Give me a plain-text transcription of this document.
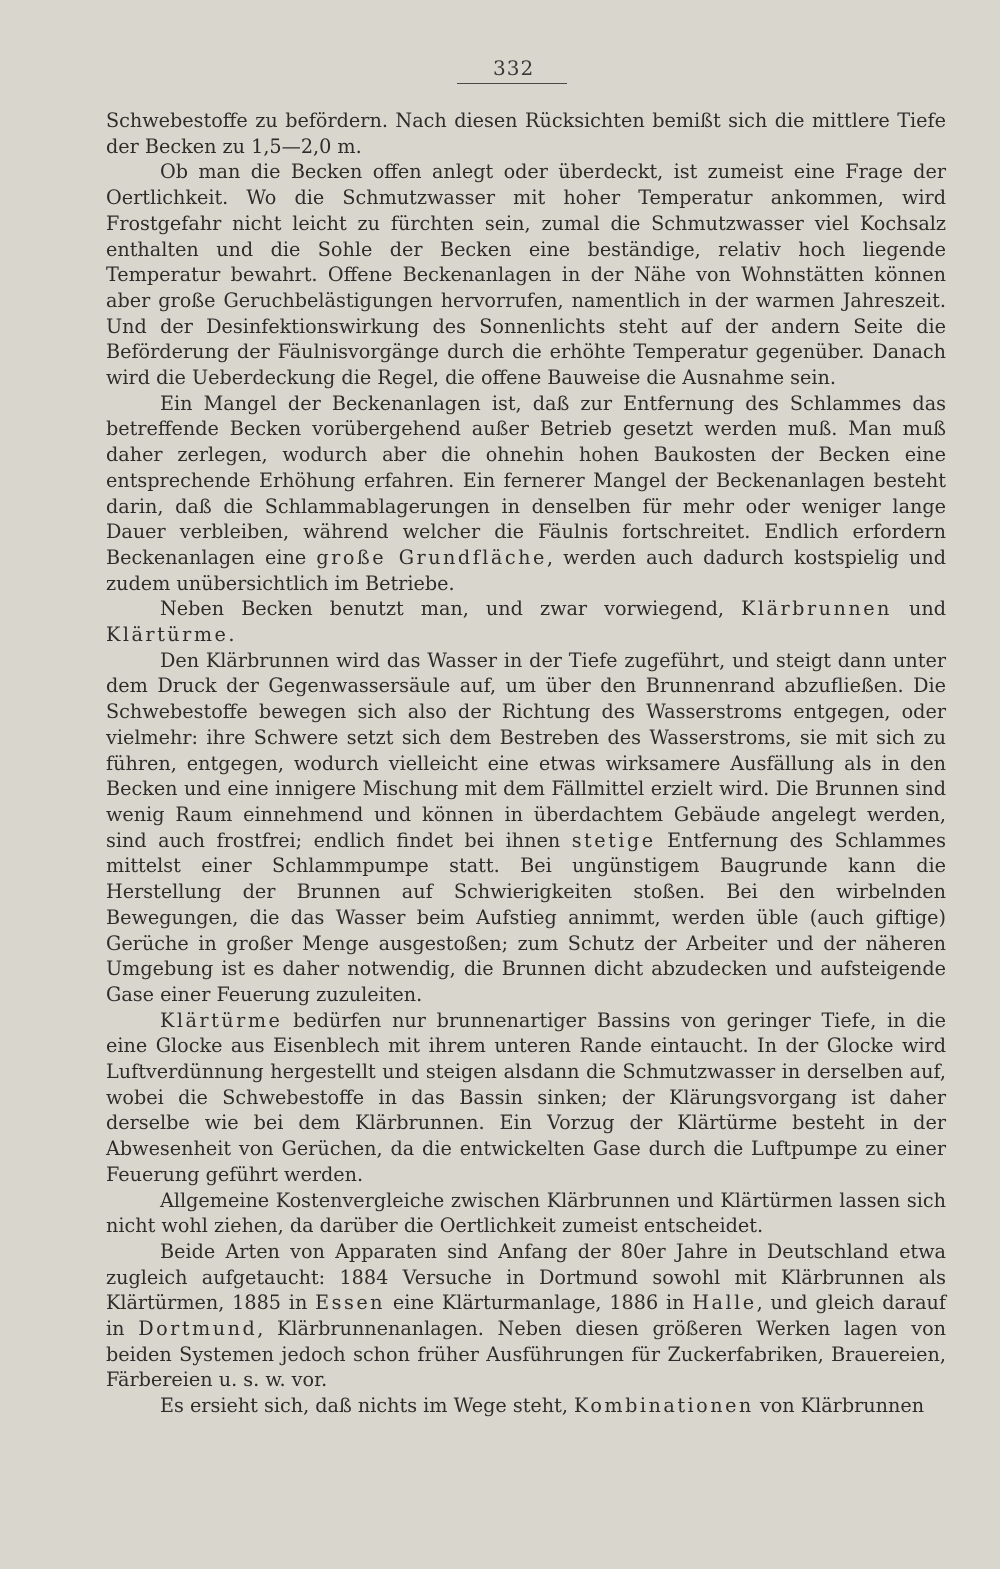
332

Schwebestoffe zu befördern. Nach diesen Rücksichten bemißt sich die mittlere Tiefe der Becken zu 1,5—2,0 m.

Ob man die Becken offen anlegt oder überdeckt, ist zumeist eine Frage der Oertlichkeit. Wo die Schmutzwasser mit hoher Temperatur ankommen, wird Frostgefahr nicht leicht zu fürchten sein, zumal die Schmutzwasser viel Kochsalz enthalten und die Sohle der Becken eine beständige, relativ hoch liegende Temperatur bewahrt. Offene Beckenanlagen in der Nähe von Wohnstätten können aber große Geruchbelästigungen hervorrufen, namentlich in der warmen Jahreszeit. Und der Desinfektionswirkung des Sonnenlichts steht auf der andern Seite die Beförderung der Fäulnisvorgänge durch die erhöhte Temperatur gegenüber. Danach wird die Ueberdeckung die Regel, die offene Bauweise die Ausnahme sein.

Ein Mangel der Beckenanlagen ist, daß zur Entfernung des Schlammes das betreffende Becken vorübergehend außer Betrieb gesetzt werden muß. Man muß daher zerlegen, wodurch aber die ohnehin hohen Baukosten der Becken eine entsprechende Erhöhung erfahren. Ein fernerer Mangel der Beckenanlagen besteht darin, daß die Schlammablagerungen in denselben für mehr oder weniger lange Dauer verbleiben, während welcher die Fäulnis fortschreitet. Endlich erfordern Beckenanlagen eine große Grundfläche, werden auch dadurch kostspielig und zudem unübersichtlich im Betriebe.

Neben Becken benutzt man, und zwar vorwiegend, Klärbrunnen und Klärtürme.

Den Klärbrunnen wird das Wasser in der Tiefe zugeführt, und steigt dann unter dem Druck der Gegenwassersäule auf, um über den Brunnenrand abzufließen. Die Schwebestoffe bewegen sich also der Richtung des Wasserstroms entgegen, oder vielmehr: ihre Schwere setzt sich dem Bestreben des Wasserstroms, sie mit sich zu führen, entgegen, wodurch vielleicht eine etwas wirksamere Ausfällung als in den Becken und eine innigere Mischung mit dem Fällmittel erzielt wird. Die Brunnen sind wenig Raum einnehmend und können in überdachtem Gebäude angelegt werden, sind auch frostfrei; endlich findet bei ihnen stetige Entfernung des Schlammes mittelst einer Schlammpumpe statt. Bei ungünstigem Baugrunde kann die Herstellung der Brunnen auf Schwierigkeiten stoßen. Bei den wirbelnden Bewegungen, die das Wasser beim Aufstieg annimmt, werden üble (auch giftige) Gerüche in großer Menge ausgestoßen; zum Schutz der Arbeiter und der näheren Umgebung ist es daher notwendig, die Brunnen dicht abzudecken und aufsteigende Gase einer Feuerung zuzuleiten.

Klärtürme bedürfen nur brunnenartiger Bassins von geringer Tiefe, in die eine Glocke aus Eisenblech mit ihrem unteren Rande eintaucht. In der Glocke wird Luftverdünnung hergestellt und steigen alsdann die Schmutzwasser in derselben auf, wobei die Schwebestoffe in das Bassin sinken; der Klärungsvorgang ist daher derselbe wie bei dem Klärbrunnen. Ein Vorzug der Klärtürme besteht in der Abwesenheit von Gerüchen, da die entwickelten Gase durch die Luftpumpe zu einer Feuerung geführt werden.

Allgemeine Kostenvergleiche zwischen Klärbrunnen und Klärtürmen lassen sich nicht wohl ziehen, da darüber die Oertlichkeit zumeist entscheidet.

Beide Arten von Apparaten sind Anfang der 80er Jahre in Deutschland etwa zugleich aufgetaucht: 1884 Versuche in Dortmund sowohl mit Klärbrunnen als Klärtürmen, 1885 in Essen eine Klärturmanlage, 1886 in Halle, und gleich darauf in Dortmund, Klärbrunnenanlagen. Neben diesen größeren Werken lagen von beiden Systemen jedoch schon früher Ausführungen für Zuckerfabriken, Brauereien, Färbereien u. s. w. vor.

Es ersieht sich, daß nichts im Wege steht, Kombinationen von Klärbrunnen
